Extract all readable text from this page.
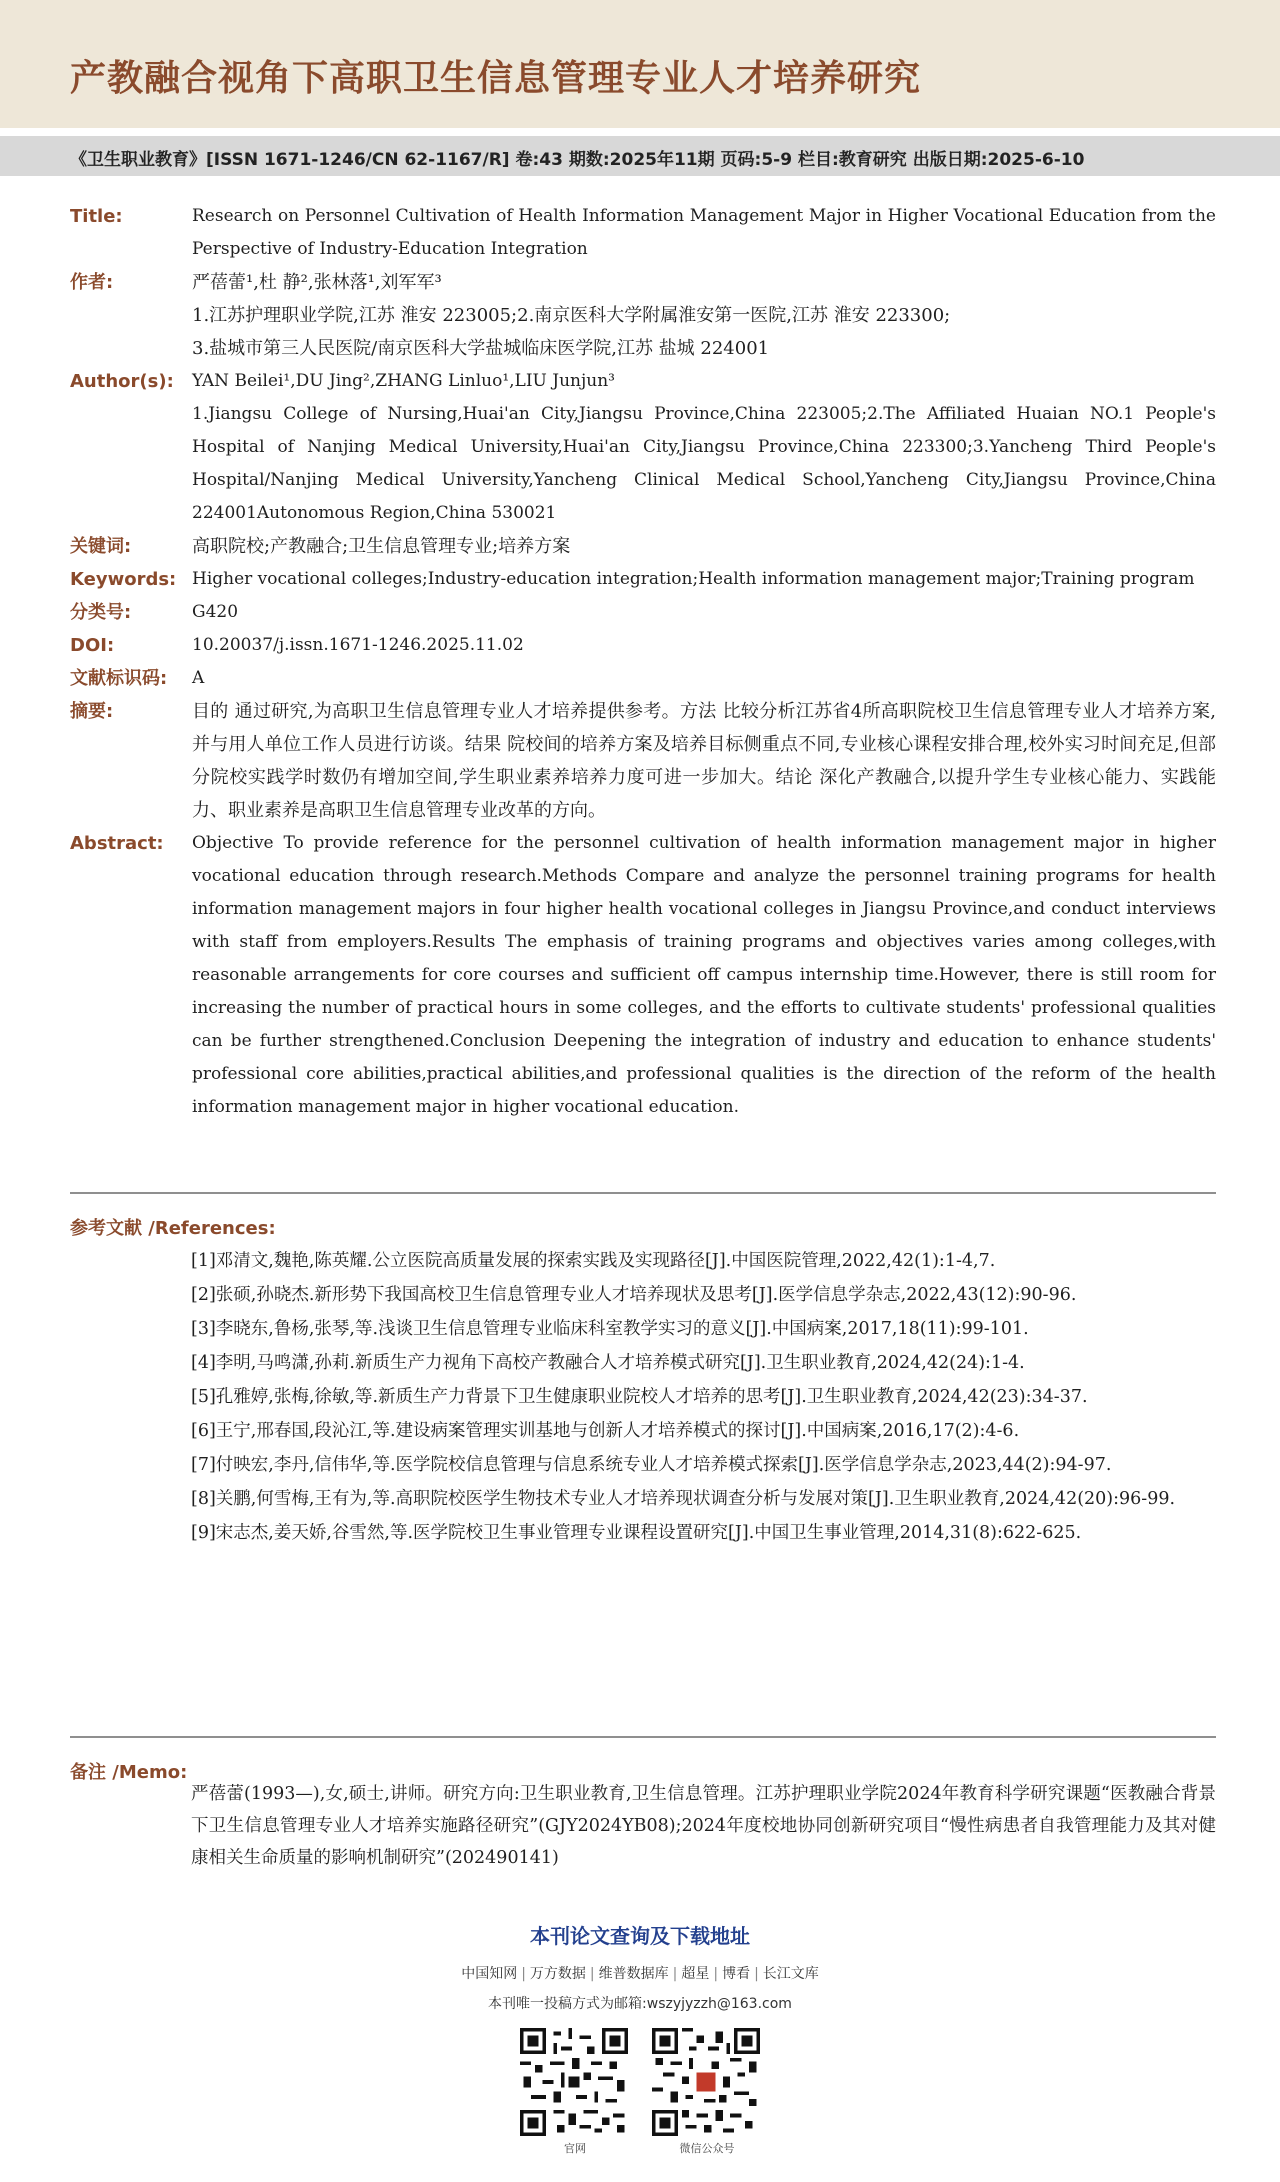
产教融合视角下高职卫生信息管理专业人才培养研究
《卫生职业教育》[ISSN 1671-1246/CN 62-1167/R] 卷:43 期数:2025年11期 页码:5-9 栏目:教育研究 出版日期:2025-6-10
Title:	Research on Personnel Cultivation of Health Information Management Major in Higher Vocational Education from the Perspective of Industry-Education Integration
作者:	严蓓蕾¹,杜 静²,张林落¹,刘军军³

1.江苏护理职业学院,江苏 淮安 223005;2.南京医科大学附属淮安第一医院,江苏 淮安 223300;

3.盐城市第三人民医院/南京医科大学盐城临床医学院,江苏 盐城 224001

Author(s):	YAN Beilei¹,DU Jing²,ZHANG Linluo¹,LIU Junjun³

1.Jiangsu College of Nursing,Huai'an City,Jiangsu Province,China 223005;2.The Affiliated Huaian NO.1 People's Hospital of Nanjing Medical University,Huai'an City,Jiangsu Province,China 223300;3.Yancheng Third People's Hospital/Nanjing Medical University,Yancheng Clinical Medical School,Yancheng City,Jiangsu Province,China 224001Autonomous Region,China 530021

关键词:	高职院校;产教融合;卫生信息管理专业;培养方案
Keywords: Higher vocational colleges;Industry-education integration;Health information management major;Training program
分类号:	G420
DOI:	10.20037/j.issn.1671-1246.2025.11.02
文献标识码:	A
摘要:	目的 通过研究,为高职卫生信息管理专业人才培养提供参考。方法 比较分析江苏省4所高职院校卫生信息管理专业人才培养方案,并与用人单位工作人员进行访谈。结果 院校间的培养方案及培养目标侧重点不同,专业核心课程安排合理,校外实习时间充足,但部分院校实践学时数仍有增加空间,学生职业素养培养力度可进一步加大。结论 深化产教融合,以提升学生专业核心能力、实践能力、职业素养是高职卫生信息管理专业改革的方向。
Abstract:	Objective To provide reference for the personnel cultivation of health information management major in higher vocational education through research.Methods Compare and analyze the personnel training programs for health information management majors in four higher health vocational colleges in Jiangsu Province,and conduct interviews with staff from employers.Results The emphasis of training programs and objectives varies among colleges,with reasonable arrangements for core courses and sufficient off campus internship time.However, there is still room for increasing the number of practical hours in some colleges, and the efforts to cultivate students' professional qualities can be further strengthened.Conclusion Deepening the integration of industry and education to enhance students' professional core abilities,practical abilities,and professional qualities is the direction of the reform of the health information management major in higher vocational education.
参考文献 /References:

[1]邓清文,魏艳,陈英耀.公立医院高质量发展的探索实践及实现路径[J].中国医院管理,2022,42(1):1-4,7.

[2]张硕,孙晓杰.新形势下我国高校卫生信息管理专业人才培养现状及思考[J].医学信息学杂志,2022,43(12):90-96.

[3]李晓东,鲁杨,张琴,等.浅谈卫生信息管理专业临床科室教学实习的意义[J].中国病案,2017,18(11):99-101.

[4]李明,马鸣潇,孙莉.新质生产力视角下高校产教融合人才培养模式研究[J].卫生职业教育,2024,42(24):1-4.

[5]孔雅婷,张梅,徐敏,等.新质生产力背景下卫生健康职业院校人才培养的思考[J].卫生职业教育,2024,42(23):34-37.

[6]王宁,邢春国,段沁江,等.建设病案管理实训基地与创新人才培养模式的探讨[J].中国病案,2016,17(2):4-6.

[7]付映宏,李丹,信伟华,等.医学院校信息管理与信息系统专业人才培养模式探索[J].医学信息学杂志,2023,44(2):94-97.

[8]关鹏,何雪梅,王有为,等.高职院校医学生物技术专业人才培养现状调查分析与发展对策[J].卫生职业教育,2024,42(20):96-99.

[9]宋志杰,姜天娇,谷雪然,等.医学院校卫生事业管理专业课程设置研究[J].中国卫生事业管理,2014,31(8):622-625.

备注 /Memo:

严蓓蕾(1993—),女,硕士,讲师。研究方向:卫生职业教育,卫生信息管理。江苏护理职业学院2024年教育科学研究课题“医教融合背景下卫生信息管理专业人才培养实施路径研究”(GJY2024YB08);2024年度校地协同创新研究项目“慢性病患者自我管理能力及其对健康相关生命质量的影响机制研究”(202490141)

本刊论文查询及下载地址
中国知网 | 万方数据 | 维普数据库 | 超星 | 博看 | 长江文库
本刊唯一投稿方式为邮箱:wszyjyzzh@163.com
官网	微信公众号
